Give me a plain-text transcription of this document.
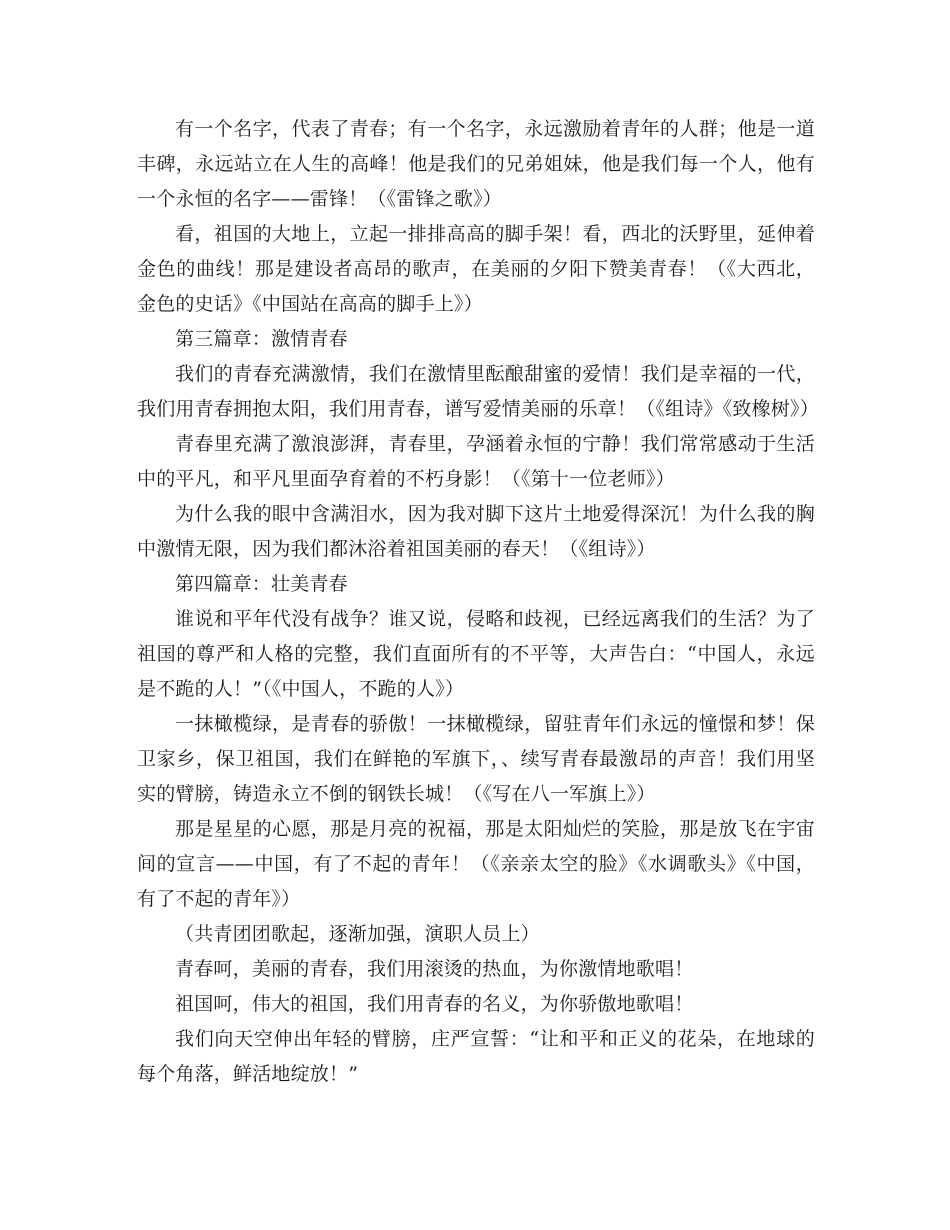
有一个名字，代表了青春；有一个名字，永远激励着青年的人群；他是一道丰碑，永远站立在人生的高峰！他是我们的兄弟姐妹，他是我们每一个人，他有一个永恒的名字——雷锋！（《雷锋之歌》）

看，祖国的大地上，立起一排排高高的脚手架！看，西北的沃野里，延伸着金色的曲线！那是建设者高昂的歌声，在美丽的夕阳下赞美青春！（《大西北，金色的史话》《中国站在高高的脚手上》）

第三篇章：激情青春

我们的青春充满激情，我们在激情里酝酿甜蜜的爱情！我们是幸福的一代，我们用青春拥抱太阳，我们用青春，谱写爱情美丽的乐章！（《组诗》《致橡树》）

青春里充满了激浪澎湃，青春里，孕涵着永恒的宁静！我们常常感动于生活中的平凡，和平凡里面孕育着的不朽身影！（《第十一位老师》）

为什么我的眼中含满泪水，因为我对脚下这片土地爱得深沉！为什么我的胸中激情无限，因为我们都沐浴着祖国美丽的春天！（《组诗》）

第四篇章：壮美青春

谁说和平年代没有战争？谁又说，侵略和歧视，已经远离我们的生活？为了祖国的尊严和人格的完整，我们直面所有的不平等，大声告白：“中国人，永远是不跪的人！”（《中国人，不跪的人》）

一抹橄榄绿，是青春的骄傲！一抹橄榄绿，留驻青年们永远的憧憬和梦！保卫家乡，保卫祖国，我们在鲜艳的军旗下，、续写青春最激昂的声音！我们用坚实的臂膀，铸造永立不倒的钢铁长城！（《写在八一军旗上》）

那是星星的心愿，那是月亮的祝福，那是太阳灿烂的笑脸，那是放飞在宇宙间的宣言——中国，有了不起的青年！（《亲亲太空的脸》《水调歌头》《中国，有了不起的青年》）

（共青团团歌起，逐渐加强，演职人员上）

青春呵，美丽的青春，我们用滚烫的热血，为你激情地歌唱！

祖国呵，伟大的祖国，我们用青春的名义，为你骄傲地歌唱！

我们向天空伸出年轻的臂膀，庄严宣誓：“让和平和正义的花朵，在地球的每个角落，鲜活地绽放！”
